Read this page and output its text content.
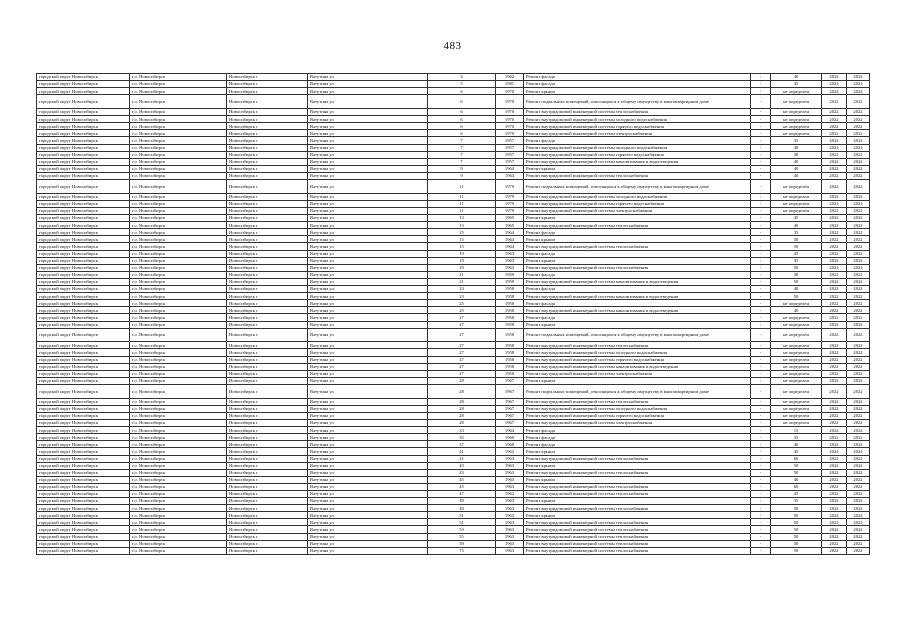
483
городской округ Новосибирск	г.о. Новосибирск	Новосибирск г	Ватутина ул	4	1962	Ремонт фасада	-	40	2022	2022
городской округ Новосибирск	г.о. Новосибирск	Новосибирск г	Ватутина ул	5	1981	Ремонт фасада	-	45	2022	2022
городской округ Новосибирск	г.о. Новосибирск	Новосибирск г	Ватутина ул	6	1970	Ремонт крыши	-	не определен	2022	2022
городской округ Новосибирск	г.о. Новосибирск	Новосибирск г	Ватутина ул	6	1970	Ремонт подвальных помещений, относящихся к общему имуществу в многоквартирном доме	-	не определен	2022	2022
городской округ Новосибирск	г.о. Новосибирск	Новосибирск г	Ватутина ул	6	1970	Ремонт внутридомовой инженерной системы теплоснабжения	-	не определен	2022	2022
городской округ Новосибирск	г.о. Новосибирск	Новосибирск г	Ватутина ул	6	1970	Ремонт внутридомовой инженерной системы холодного водоснабжения	-	не определен	2022	2022
городской округ Новосибирск	г.о. Новосибирск	Новосибирск г	Ватутина ул	6	1970	Ремонт внутридомовой инженерной системы горячего водоснабжения	-	не определен	2022	2022
городской округ Новосибирск	г.о. Новосибирск	Новосибирск г	Ватутина ул	6	1970	Ремонт внутридомовой инженерной системы электроснабжения	-	не определен	2022	2022
городской округ Новосибирск	г.о. Новосибирск	Новосибирск г	Ватутина ул	7	1957	Ремонт фасада	-	35	2022	2022
городской округ Новосибирск	г.о. Новосибирск	Новосибирск г	Ватутина ул	7	1957	Ремонт внутридомовой инженерной системы холодного водоснабжения	-	40	2022	2022
городской округ Новосибирск	г.о. Новосибирск	Новосибирск г	Ватутина ул	7	1957	Ремонт внутридомовой инженерной системы горячего водоснабжения	-	30	2022	2022
городской округ Новосибирск	г.о. Новосибирск	Новосибирск г	Ватутина ул	7	1957	Ремонт внутридомовой инженерной системы канализования и водоотведения	-	40	2022	2022
городской округ Новосибирск	г.о. Новосибирск	Новосибирск г	Ватутина ул	9	1964	Ремонт крыши	-	40	2022	2022
городской округ Новосибирск	г.о. Новосибирск	Новосибирск г	Ватутина ул	9	1964	Ремонт внутридомовой инженерной системы теплоснабжения	-	40	2022	2022
городской округ Новосибирск	г.о. Новосибирск	Новосибирск г	Ватутина ул	11	1979	Ремонт подвальных помещений, относящихся к общему имуществу в многоквартирном доме	-	не определен	2022	2022
городской округ Новосибирск	г.о. Новосибирск	Новосибирск г	Ватутина ул	11	1979	Ремонт внутридомовой инженерной системы холодного водоснабжения	-	не определен	2022	2022
городской округ Новосибирск	г.о. Новосибирск	Новосибирск г	Ватутина ул	11	1979	Ремонт внутридомовой инженерной системы горячего водоснабжения	-	не определен	2022	2022
городской округ Новосибирск	г.о. Новосибирск	Новосибирск г	Ватутина ул	11	1979	Ремонт внутридомовой инженерной системы электроснабжения	-	не определен	2022	2022
городской округ Новосибирск	г.о. Новосибирск	Новосибирск г	Ватутина ул	13	1965	Ремонт крыши	-	45	2022	2022
городской округ Новосибирск	г.о. Новосибирск	Новосибирск г	Ватутина ул	13	1965	Ремонт внутридомовой инженерной системы теплоснабжения	-	40	2022	2022
городской округ Новосибирск	г.о. Новосибирск	Новосибирск г	Ватутина ул	15	1964	Ремонт фасада	-	35	2022	2022
городской округ Новосибирск	г.о. Новосибирск	Новосибирск г	Ватутина ул	15	1964	Ремонт крыши	-	50	2022	2022
городской округ Новосибирск	г.о. Новосибирск	Новосибирск г	Ватутина ул	15	1964	Ремонт внутридомовой инженерной системы теплоснабжения	-	50	2022	2022
городской округ Новосибирск	г.о. Новосибирск	Новосибирск г	Ватутина ул	19	1963	Ремонт фасада	-	45	2022	2022
городской округ Новосибирск	г.о. Новосибирск	Новосибирск г	Ватутина ул	19	1963	Ремонт крыши	-	45	2022	2022
городской округ Новосибирск	г.о. Новосибирск	Новосибирск г	Ватутина ул	19	1963	Ремонт внутридомовой инженерной системы теплоснабжения	-	50	2022	2022
городской округ Новосибирск	г.о. Новосибирск	Новосибирск г	Ватутина ул	21	1959	Ремонт фасада	-	30	2022	2022
городской округ Новосибирск	г.о. Новосибирск	Новосибирск г	Ватутина ул	21	1959	Ремонт внутридомовой инженерной системы канализования и водоотведения	-	50	2022	2022
городской округ Новосибирск	г.о. Новосибирск	Новосибирск г	Ватутина ул	23	1958	Ремонт фасада	-	40	2022	2022
городской округ Новосибирск	г.о. Новосибирск	Новосибирск г	Ватутина ул	23	1958	Ремонт внутридомовой инженерной системы канализования и водоотведения	-	50	2022	2022
городской округ Новосибирск	г.о. Новосибирск	Новосибирск г	Ватутина ул	25	1958	Ремонт фасада	-	не определен	2022	2022
городской округ Новосибирск	г.о. Новосибирск	Новосибирск г	Ватутина ул	25	1958	Ремонт внутридомовой инженерной системы канализования и водоотведения	-	40	2022	2022
городской округ Новосибирск	г.о. Новосибирск	Новосибирск г	Ватутина ул	27	1958	Ремонт фасада	-	не определен	2022	2022
городской округ Новосибирск	г.о. Новосибирск	Новосибирск г	Ватутина ул	27	1958	Ремонт крыши	-	не определен	2022	2022
городской округ Новосибирск	г.о. Новосибирск	Новосибирск г	Ватутина ул	27	1958	Ремонт подвальных помещений, относящихся к общему имуществу в многоквартирном доме	-	не определен	2022	2022
городской округ Новосибирск	г.о. Новосибирск	Новосибирск г	Ватутина ул	27	1958	Ремонт внутридомовой инженерной системы теплоснабжения	-	не определен	2022	2022
городской округ Новосибирск	г.о. Новосибирск	Новосибирск г	Ватутина ул	27	1958	Ремонт внутридомовой инженерной системы холодного водоснабжения	-	не определен	2022	2022
городской округ Новосибирск	г.о. Новосибирск	Новосибирск г	Ватутина ул	27	1958	Ремонт внутридомовой инженерной системы горячего водоснабжения	-	не определен	2022	2022
городской округ Новосибирск	г.о. Новосибирск	Новосибирск г	Ватутина ул	27	1958	Ремонт внутридомовой инженерной системы канализования и водоотведения	-	не определен	2022	2022
городской округ Новосибирск	г.о. Новосибирск	Новосибирск г	Ватутина ул	27	1958	Ремонт внутридомовой инженерной системы электроснабжения	-	не определен	2022	2022
городской округ Новосибирск	г.о. Новосибирск	Новосибирск г	Ватутина ул	28	1967	Ремонт крыши	-	не определен	2022	2022
городской округ Новосибирск	г.о. Новосибирск	Новосибирск г	Ватутина ул	28	1967	Ремонт подвальных помещений, относящихся к общему имуществу в многоквартирном доме	-	не определен	2022	2022
городской округ Новосибирск	г.о. Новосибирск	Новосибирск г	Ватутина ул	28	1967	Ремонт внутридомовой инженерной системы теплоснабжения	-	не определен	2022	2022
городской округ Новосибирск	г.о. Новосибирск	Новосибирск г	Ватутина ул	28	1967	Ремонт внутридомовой инженерной системы холодного водоснабжения	-	не определен	2022	2022
городской округ Новосибирск	г.о. Новосибирск	Новосибирск г	Ватутина ул	28	1967	Ремонт внутридомовой инженерной системы горячего водоснабжения	-	не определен	2022	2022
городской округ Новосибирск	г.о. Новосибирск	Новосибирск г	Ватутина ул	28	1967	Ремонт внутридомовой инженерной системы электроснабжения	-	не определен	2022	2022
городской округ Новосибирск	г.о. Новосибирск	Новосибирск г	Ватутина ул	33	1964	Ремонт фасада	-	15	2022	2022
городской округ Новосибирск	г.о. Новосибирск	Новосибирск г	Ватутина ул	35	1960	Ремонт фасада	-	35	2022	2022
городской округ Новосибирск	г.о. Новосибирск	Новосибирск г	Ватутина ул	37	1960	Ремонт фасада	-	40	2022	2022
городской округ Новосибирск	г.о. Новосибирск	Новосибирск г	Ватутина ул	41	1963	Ремонт крыши	-	45	2022	2022
городской округ Новосибирск	г.о. Новосибирск	Новосибирск г	Ватутина ул	41	1963	Ремонт внутридомовой инженерной системы теплоснабжения	-	60	2022	2022
городской округ Новосибирск	г.о. Новосибирск	Новосибирск г	Ватутина ул	43	1963	Ремонт крыши	-	50	2022	2022
городской округ Новосибирск	г.о. Новосибирск	Новосибирск г	Ватутина ул	43	1963	Ремонт внутридомовой инженерной системы теплоснабжения	-	50	2022	2022
городской округ Новосибирск	г.о. Новосибирск	Новосибирск г	Ватутина ул	45	1963	Ремонт крыши	-	40	2022	2022
городской округ Новосибирск	г.о. Новосибирск	Новосибирск г	Ватутина ул	45	1963	Ремонт внутридомовой инженерной системы теплоснабжения	-	60	2022	2022
городской округ Новосибирск	г.о. Новосибирск	Новосибирск г	Ватутина ул	47	1962	Ремонт внутридомовой инженерной системы теплоснабжения	-	45	2022	2022
городской округ Новосибирск	г.о. Новосибирск	Новосибирск г	Ватутина ул	49	1963	Ремонт крыши	-	35	2022	2022
городской округ Новосибирск	г.о. Новосибирск	Новосибирск г	Ватутина ул	49	1963	Ремонт внутридомовой инженерной системы теплоснабжения	-	50	2022	2022
городской округ Новосибирск	г.о. Новосибирск	Новосибирск г	Ватутина ул	51	1963	Ремонт крыши	-	50	2022	2022
городской округ Новосибирск	г.о. Новосибирск	Новосибирск г	Ватутина ул	51	1963	Ремонт внутридомовой инженерной системы теплоснабжения	-	50	2022	2022
городской округ Новосибирск	г.о. Новосибирск	Новосибирск г	Ватутина ул	53	1963	Ремонт внутридомовой инженерной системы теплоснабжения	-	50	2022	2022
городской округ Новосибирск	г.о. Новосибирск	Новосибирск г	Ватутина ул	55	1963	Ремонт внутридомовой инженерной системы теплоснабжения	-	50	2022	2022
городской округ Новосибирск	г.о. Новосибирск	Новосибирск г	Ватутина ул	59	1963	Ремонт внутридомовой инженерной системы теплоснабжения	-	50	2022	2022
городской округ Новосибирск	г.о. Новосибирск	Новосибирск г	Ватутина ул	75	1963	Ремонт внутридомовой инженерной системы теплоснабжения	-	50	2022	2022
